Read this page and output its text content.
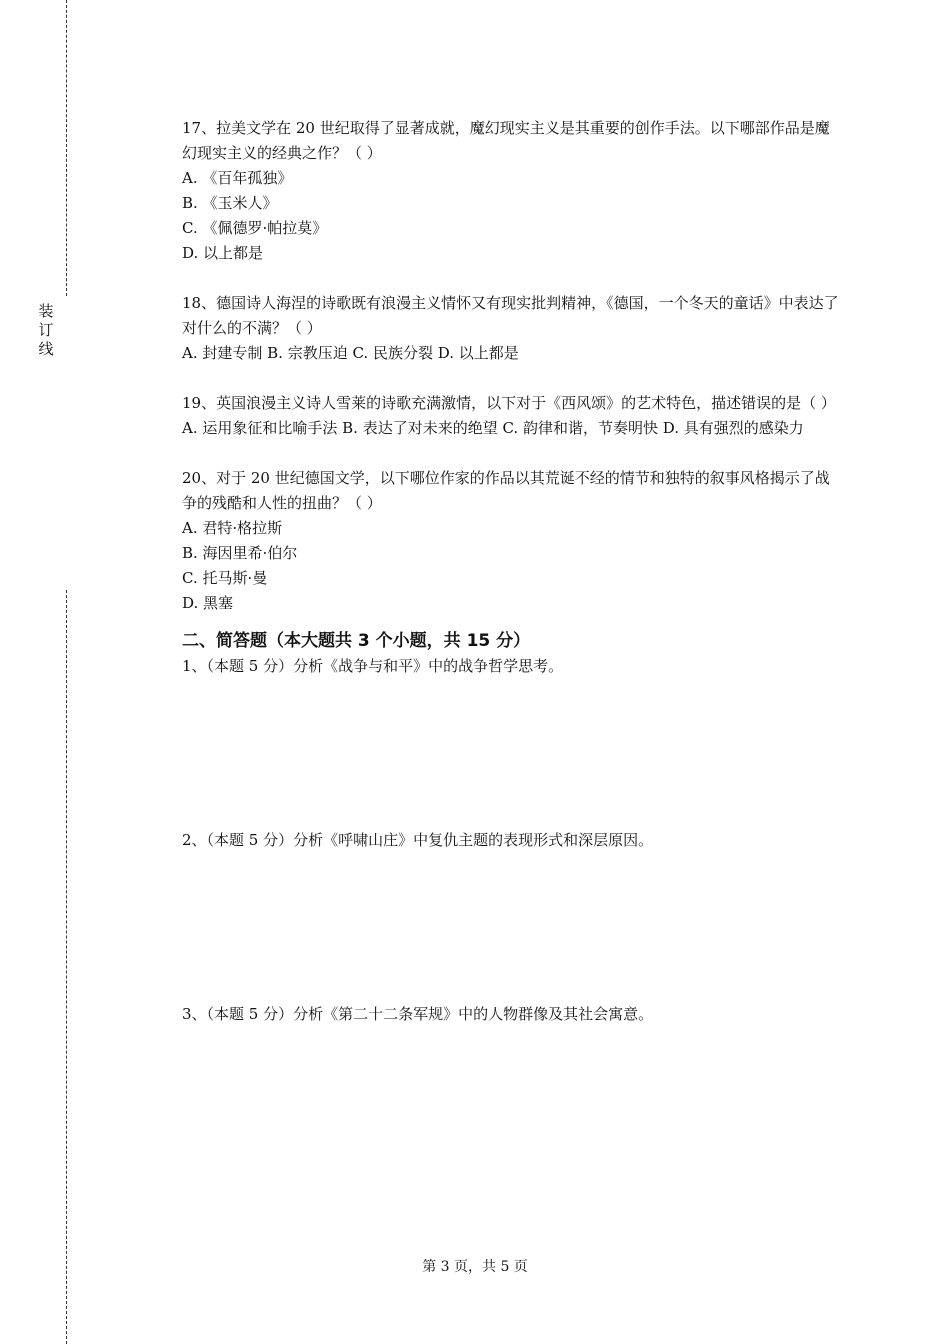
装
订
线

17、拉美文学在 20 世纪取得了显著成就，魔幻现实主义是其重要的创作手法。以下哪部作品是魔幻现实主义的经典之作？（ ）

A. 《百年孤独》

B. 《玉米人》

C. 《佩德罗·帕拉莫》

D. 以上都是

18、德国诗人海涅的诗歌既有浪漫主义情怀又有现实批判精神，《德国，一个冬天的童话》中表达了对什么的不满？（ ）

A. 封建专制 B. 宗教压迫 C. 民族分裂 D. 以上都是

19、英国浪漫主义诗人雪莱的诗歌充满激情，以下对于《西风颂》的艺术特色，描述错误的是（ ）

A. 运用象征和比喻手法 B. 表达了对未来的绝望 C. 韵律和谐，节奏明快 D. 具有强烈的感染力

20、对于 20 世纪德国文学，以下哪位作家的作品以其荒诞不经的情节和独特的叙事风格揭示了战争的残酷和人性的扭曲？（ ）

A. 君特·格拉斯

B. 海因里希·伯尔

C. 托马斯·曼

D. 黑塞

二、简答题（本大题共 3 个小题，共 15 分）

1、（本题 5 分）分析《战争与和平》中的战争哲学思考。

2、（本题 5 分）分析《呼啸山庄》中复仇主题的表现形式和深层原因。

3、（本题 5 分）分析《第二十二条军规》中的人物群像及其社会寓意。

第 3 页，共 5 页
